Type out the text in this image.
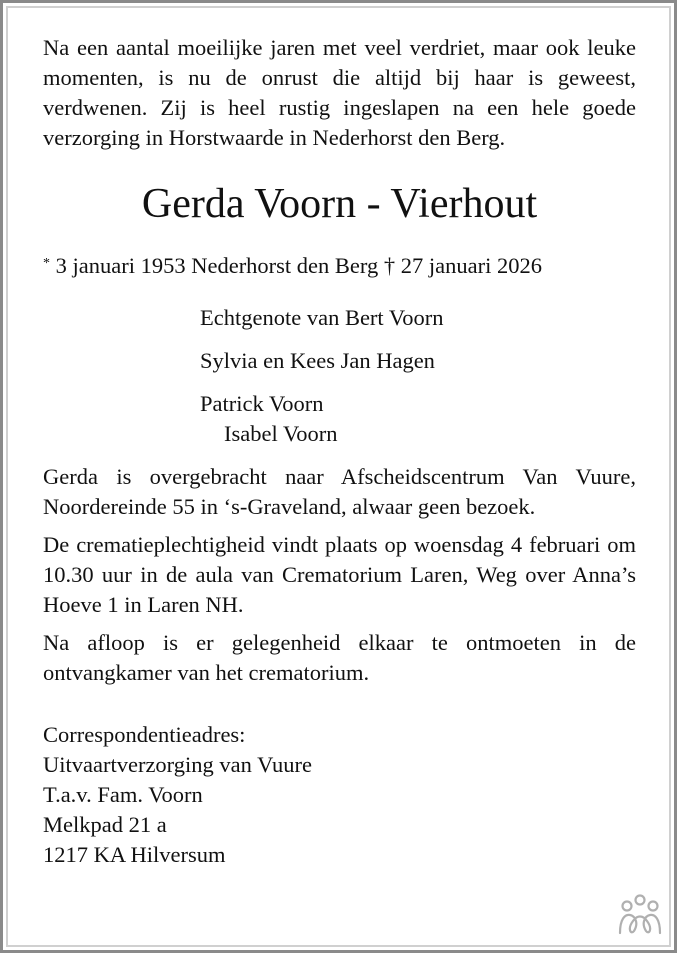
Na een aantal moeilijke jaren met veel verdriet, maar ook leuke momenten, is nu de onrust die altijd bij haar is geweest, verdwenen. Zij is heel rustig ingeslapen na een hele goede verzorging in Horstwaarde in Nederhorst den Berg.

Gerda Voorn - Vierhout

* 3 januari 1953 Nederhorst den Berg † 27 januari 2026

Echtgenote van Bert Voorn

Sylvia en Kees Jan Hagen

Patrick Voorn

Isabel Voorn

Gerda is overgebracht naar Afscheidscentrum Van Vuure, Noordereinde 55 in ‘s-Graveland, alwaar geen bezoek.

De crematieplechtigheid vindt plaats op woensdag 4 februari om 10.30 uur in de aula van Crematorium Laren, Weg over Anna’s Hoeve 1 in Laren NH.

Na afloop is er gelegenheid elkaar te ontmoeten in de ontvangkamer van het crematorium.

Correspondentieadres:

Uitvaartverzorging van Vuure

T.a.v. Fam. Voorn

Melkpad 21 a

1217 KA Hilversum
